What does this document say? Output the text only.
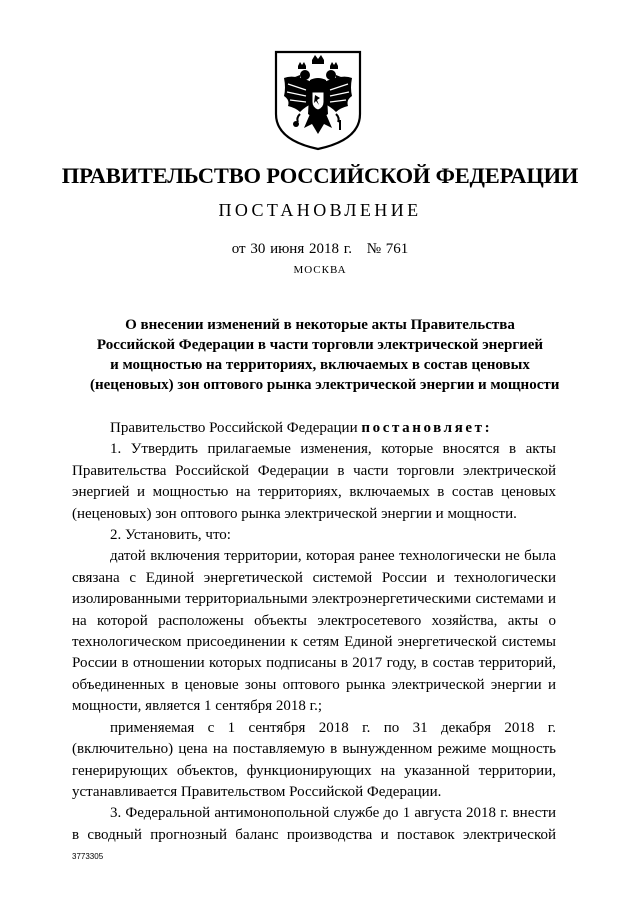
ПРАВИТЕЛЬСТВО РОССИЙСКОЙ ФЕДЕРАЦИИ
ПОСТАНОВЛЕНИЕ
от 30 июня 2018 г. № 761
МОСКВА
О внесении изменений в некоторые акты Правительства
Российской Федерации в части торговли электрической энергией
и мощностью на территориях, включаемых в состав ценовых
(неценовых) зон оптового рынка электрической энергии и мощности

Правительство Российской Федерации постановляет:

1. Утвердить прилагаемые изменения, которые вносятся в акты
Правительства Российской Федерации в части торговли электрической
энергией и мощностью на территориях, включаемых в состав ценовых
(неценовых) зон оптового рынка электрической энергии и мощности.

2. Установить, что:

датой включения территории, которая ранее технологически не была
связана с Единой энергетической системой России и технологически
изолированными территориальными электроэнергетическими системами и
на которой расположены объекты электросетевого хозяйства, акты о
технологическом присоединении к сетям Единой энергетической системы
России в отношении которых подписаны в 2017 году, в состав территорий,
объединенных в ценовые зоны оптового рынка электрической энергии и
мощности, является 1 сентября 2018 г.;
применяемая с 1 сентября 2018 г. по 31 декабря 2018 г.
(включительно) цена на поставляемую в вынужденном режиме мощность
генерирующих объектов, функционирующих на указанной территории,
устанавливается Правительством Российской Федерации.
3. Федеральной антимонопольной службе до 1 августа 2018 г. внести
в сводный прогнозный баланс производства и поставок электрической
3773305
